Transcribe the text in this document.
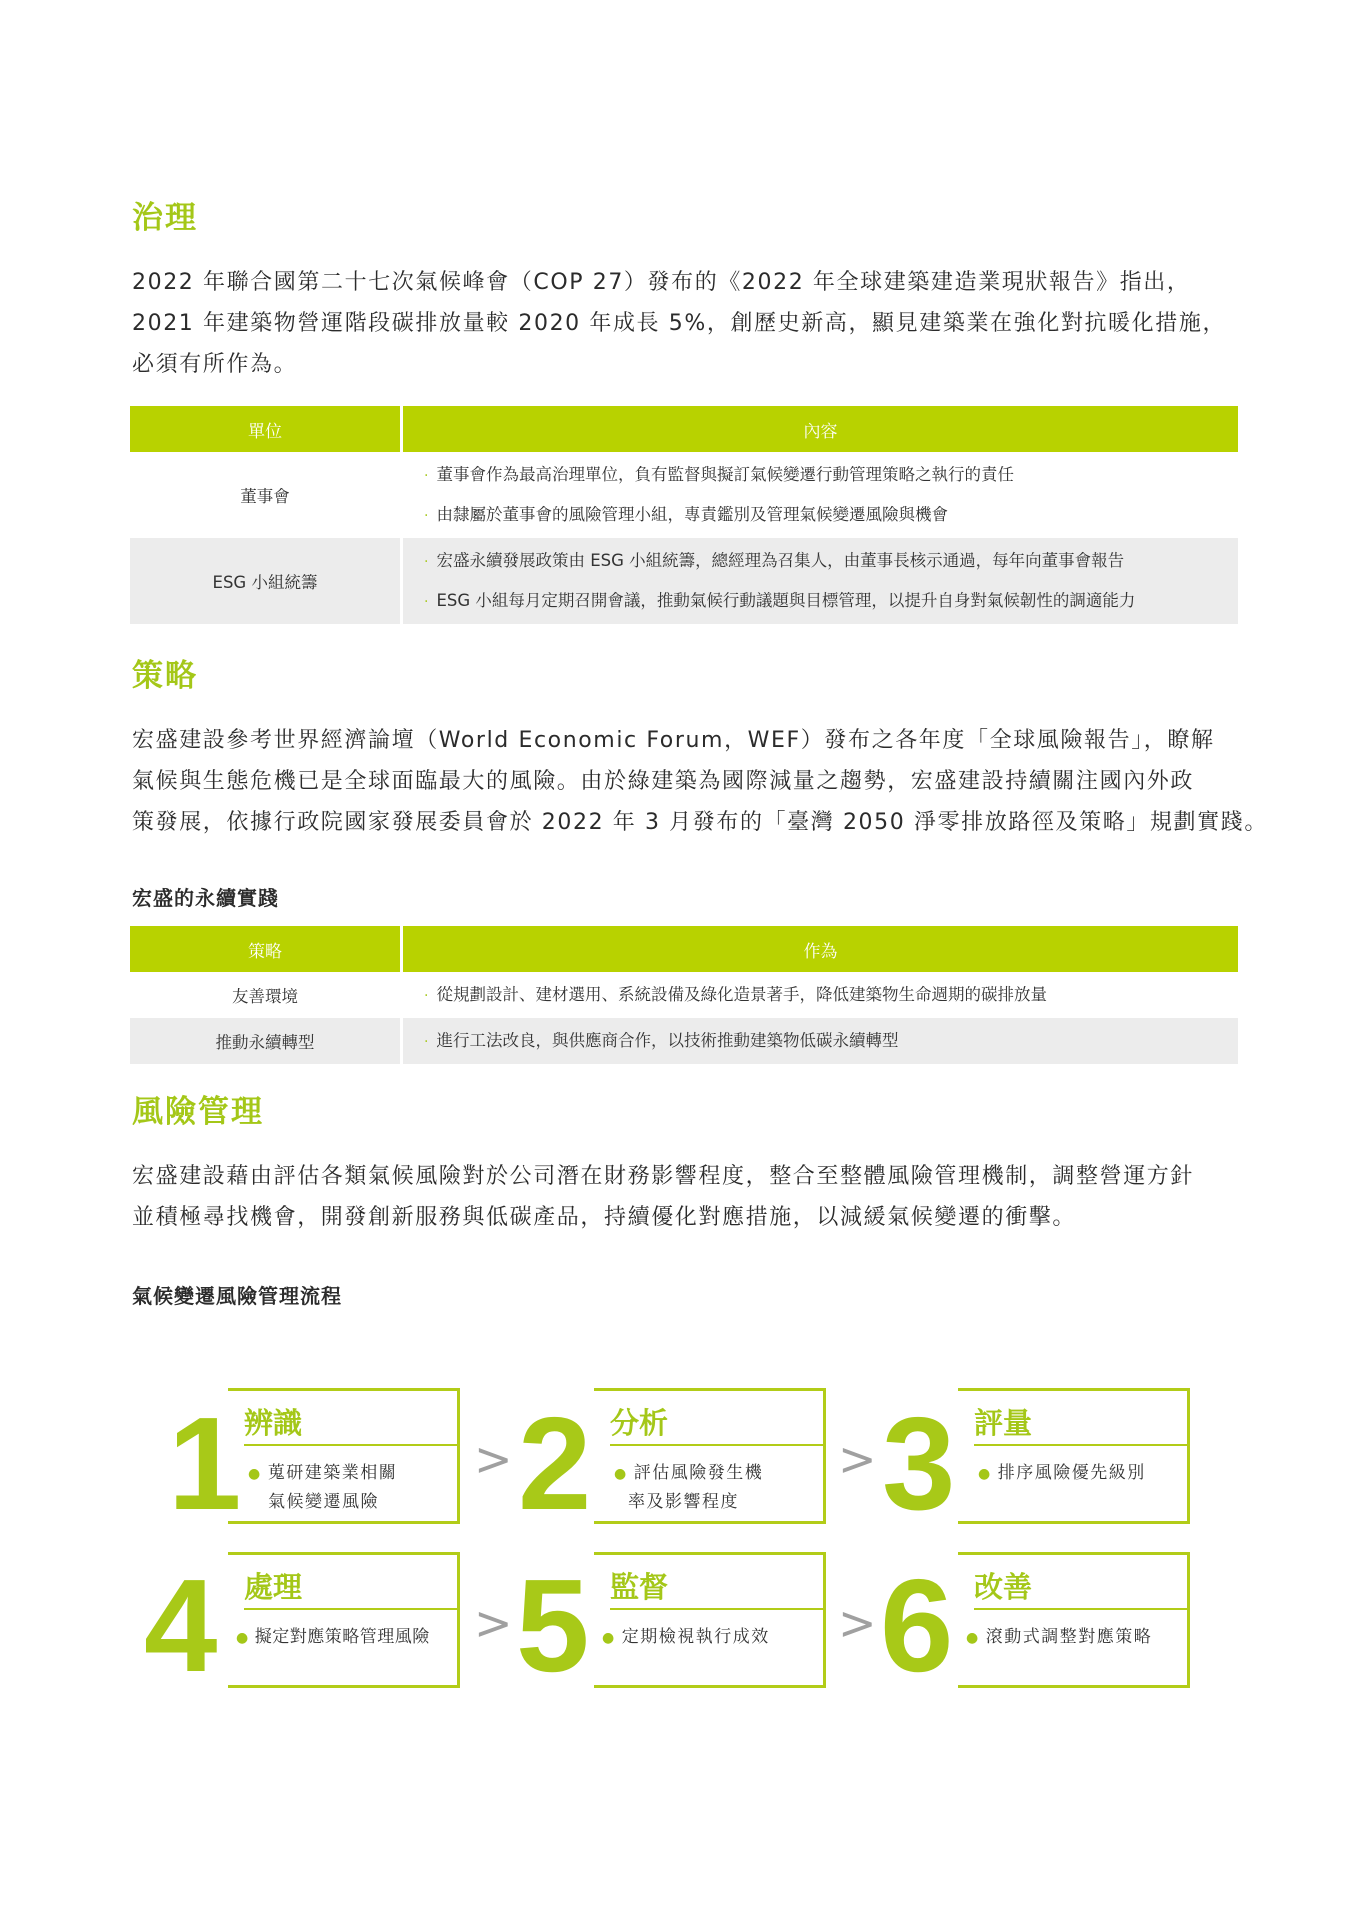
治理

2022 年聯合國第二十七次氣候峰會（COP 27）發布的《2022 年全球建築建造業現狀報告》指出，

2021 年建築物營運階段碳排放量較 2020 年成長 5%，創歷史新高，顯見建築業在強化對抗暖化措施，

必須有所作為。

單位	內容
董事會	· 董事會作為最高治理單位，負有監督與擬訂氣候變遷行動管理策略之執行的責任
· 由隸屬於董事會的風險管理小組，專責鑑別及管理氣候變遷風險與機會

ESG 小組統籌	· 宏盛永續發展政策由 ESG 小組統籌，總經理為召集人，由董事長核示通過，每年向董事會報告
· ESG 小組每月定期召開會議，推動氣候行動議題與目標管理，以提升自身對氣候韌性的調適能力
策略

宏盛建設參考世界經濟論壇（World Economic Forum，WEF）發布之各年度「全球風險報告」，瞭解

氣候與生態危機已是全球面臨最大的風險。由於綠建築為國際減量之趨勢，宏盛建設持續關注國內外政

策發展，依據行政院國家發展委員會於 2022 年 3 月發布的「臺灣 2050 淨零排放路徑及策略」規劃實踐。

宏盛的永續實踐
策略	作為
友善環境	· 從規劃設計、建材選用、系統設備及綠化造景著手，降低建築物生命週期的碳排放量

推動永續轉型	· 進行工法改良，與供應商合作，以技術推動建築物低碳永續轉型
風險管理

宏盛建設藉由評估各類氣候風險對於公司潛在財務影響程度，整合至整體風險管理機制，調整營運方針

並積極尋找機會，開發創新服務與低碳產品，持續優化對應措施，以減緩氣候變遷的衝擊。

氣候變遷風險管理流程
1 辨識
● 蒐研建築業相關
氣候變遷風險
> 2 分析
● 評估風險發生機
率及影響程度
> 3 評量
● 排序風險優先級別
4 處理
● 擬定對應策略管理風險 > 5 監督
● 定期檢視執行成效 > 6 改善
● 滾動式調整對應策略
